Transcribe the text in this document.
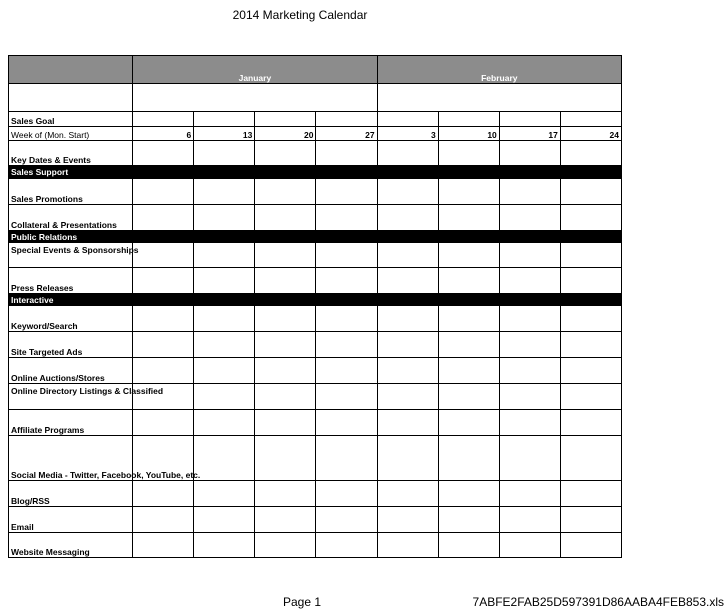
2014 Marketing Calendar
	January				February			

Sales Goal								
Week of (Mon. Start)	6	13	20	27	3	10	17	24
Key Dates & Events								
Sales Support								
Sales Promotions								
Collateral & Presentations								
Public Relations								
Special Events & Sponsorships								
Press Releases								
Interactive								
Keyword/Search								
Site Targeted Ads								
Online Auctions/Stores								
Online Directory Listings & Classified								
Affiliate Programs								
Social Media - Twitter, Facebook, YouTube, etc.								
Blog/RSS								
Email								
Website Messaging								
Page 1	7ABFE2FAB25D597391D86AABA4FEB853.xls
